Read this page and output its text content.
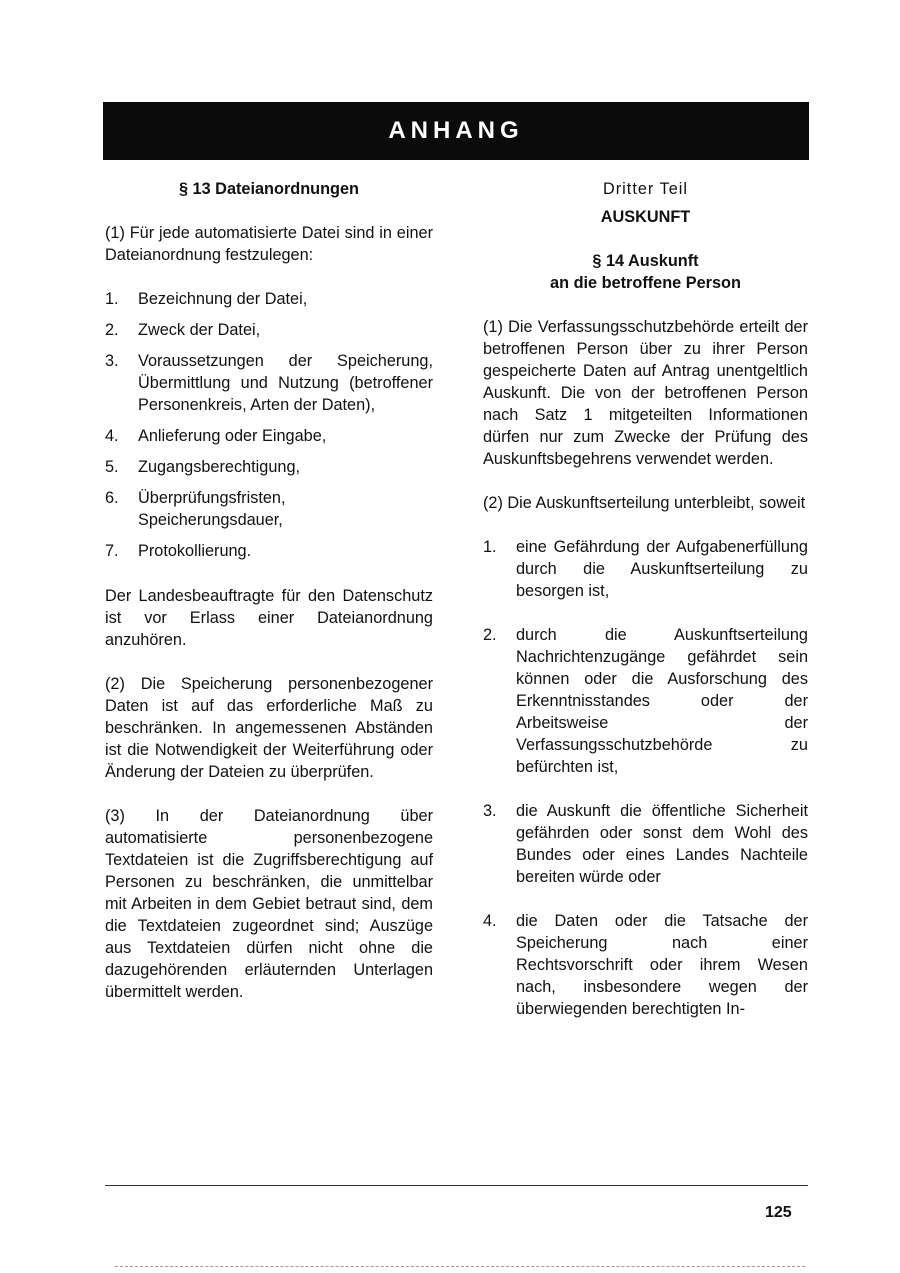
ANHANG
§ 13 Dateianordnungen

(1) Für jede automatisierte Datei sind in einer Dateianordnung festzulegen:

1. Bezeichnung der Datei,
2. Zweck der Datei,
3. Voraussetzungen der Speicherung, Übermittlung und Nutzung (betroffener Personenkreis, Arten der Daten),
4. Anlieferung oder Eingabe,
5. Zugangsberechtigung,
6. Überprüfungsfristen, Speicherungsdauer,
7. Protokollierung.

Der Landesbeauftragte für den Datenschutz ist vor Erlass einer Dateianordnung anzuhören.

(2) Die Speicherung personenbezogener Daten ist auf das erforderliche Maß zu beschränken. In angemessenen Abständen ist die Notwendigkeit der Weiterführung oder Änderung der Dateien zu überprüfen.

(3) In der Dateianordnung über automatisierte personenbezogene Textdateien ist die Zugriffsberechtigung auf Personen zu beschränken, die unmittelbar mit Arbeiten in dem Gebiet betraut sind, dem die Textdateien zugeordnet sind; Auszüge aus Textdateien dürfen nicht ohne die dazugehörenden erläuternden Unterlagen übermittelt werden.

Dritter Teil
AUSKUNFT
§ 14 Auskunft
an die betroffene Person

(1) Die Verfassungsschutzbehörde erteilt der betroffenen Person über zu ihrer Person gespeicherte Daten auf Antrag unentgeltlich Auskunft. Die von der betroffenen Person nach Satz 1 mitgeteilten Informationen dürfen nur zum Zwecke der Prüfung des Auskunftsbegehrens verwendet werden.

(2) Die Auskunftserteilung unterbleibt, soweit

1. eine Gefährdung der Aufgabenerfüllung durch die Auskunftserteilung zu besorgen ist,
2. durch die Auskunftserteilung Nachrichtenzugänge gefährdet sein können oder die Ausforschung des Erkenntnisstandes oder der Arbeitsweise der Verfassungsschutzbehörde zu befürchten ist,
3. die Auskunft die öffentliche Sicherheit gefährden oder sonst dem Wohl des Bundes oder eines Landes Nachteile bereiten würde oder
4. die Daten oder die Tatsache der Speicherung nach einer Rechtsvorschrift oder ihrem Wesen nach, insbesondere wegen der überwiegenden berechtigten In-
125
